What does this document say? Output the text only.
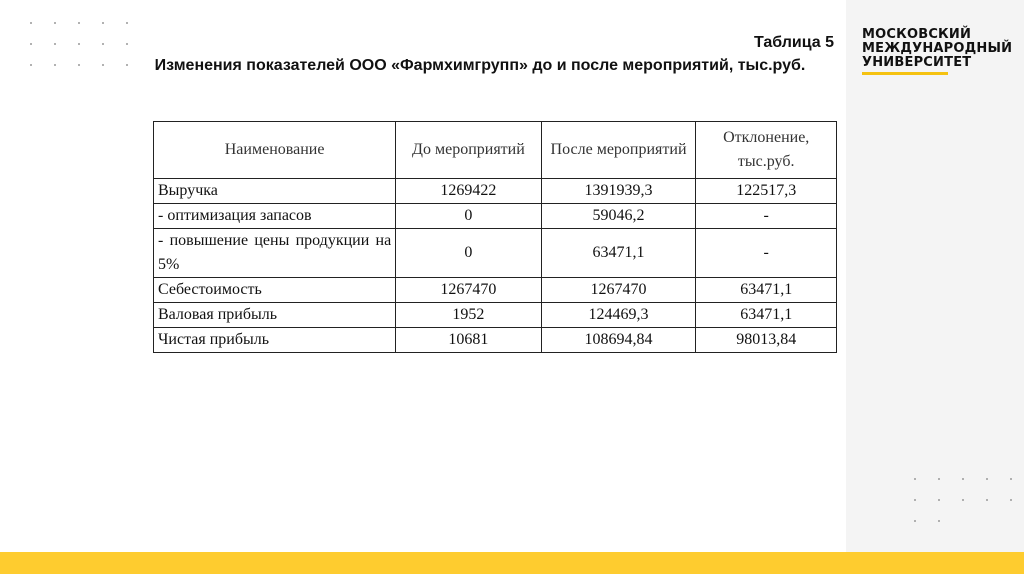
МОСКОВСКИЙ
МЕЖДУНАРОДНЫЙ
УНИВЕРСИТЕТ
Таблица 5
Изменения показателей ООО «Фармхимгрупп» до и после мероприятий, тыс.руб.
Наименование	До мероприятий	После мероприятий	Отклонение, тыс.руб.
Выручка	1269422	1391939,3	122517,3
- оптимизация запасов	0	59046,2	-

- повышение цены продукции на 5%	0	63471,1	-
Себестоимость	1267470	1267470	63471,1
Валовая прибыль	1952	124469,3	63471,1
Чистая прибыль	10681	108694,84	98013,84
